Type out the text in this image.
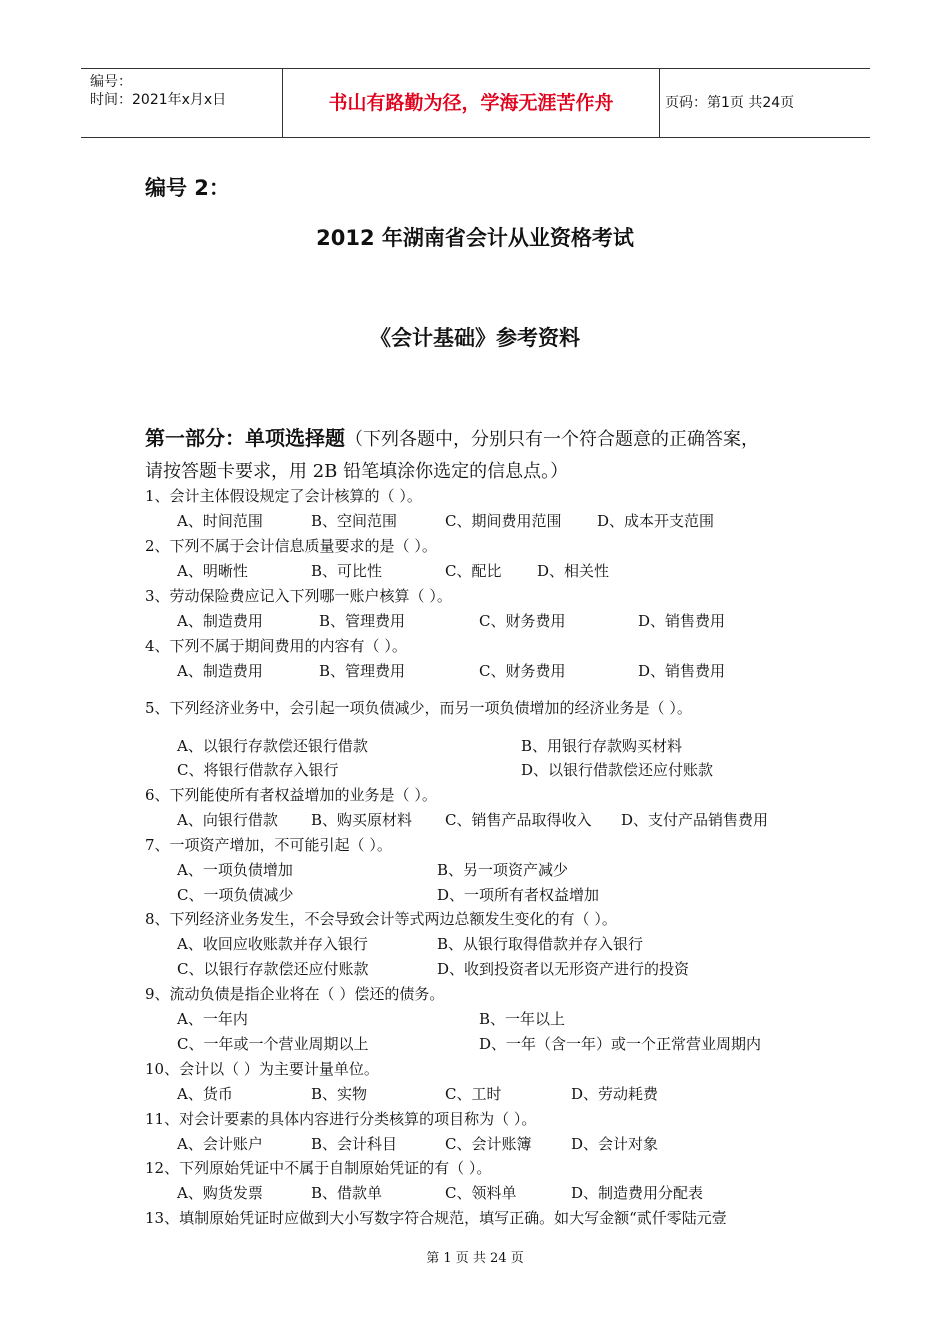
编号：
时间：2021年x月x日	书山有路勤为径，学海无涯苦作舟	页码：第1页 共24页
编号 2：
2012 年湖南省会计从业资格考试
《会计基础》参考资料
第一部分：单项选择题（下列各题中，分别只有一个符合题意的正确答案，
请按答题卡要求，用 2B 铅笔填涂你选定的信息点。）
1、会计主体假设规定了会计核算的（ ）。
A、时间范围	B、空间范围	C、期间费用范围 D、成本开支范围
2、下列不属于会计信息质量要求的是（ ）。
A、明晰性	B、可比性	C、配比 D、相关性
3、劳动保险费应记入下列哪一账户核算（ ）。
A、制造费用	B、管理费用	C、财务费用	D、销售费用
4、下列不属于期间费用的内容有（ ）。
A、制造费用	B、管理费用	C、财务费用	D、销售费用
5、下列经济业务中，会引起一项负债减少，而另一项负债增加的经济业务是（ ）。
A、以银行存款偿还银行借款	B、用银行存款购买材料
C、将银行借款存入银行	D、以银行借款偿还应付账款
6、下列能使所有者权益增加的业务是（ ）。
A、向银行借款 B、购买原材料 C、销售产品取得收入 D、支付产品销售费用
7、一项资产增加，不可能引起（ ）。
A、一项负债增加	B、另一项资产减少
C、一项负债减少	D、一项所有者权益增加
8、下列经济业务发生，不会导致会计等式两边总额发生变化的有（ ）。
A、收回应收账款并存入银行	B、从银行取得借款并存入银行
C、以银行存款偿还应付账款	D、收到投资者以无形资产进行的投资
9、流动负债是指企业将在（ ）偿还的债务。
A、一年内	B、一年以上
C、一年或一个营业周期以上	D、一年（含一年）或一个正常营业周期内
10、会计以（ ）为主要计量单位。
A、货币	B、实物	C、工时	D、劳动耗费
11、对会计要素的具体内容进行分类核算的项目称为（ ）。
A、会计账户	B、会计科目	C、会计账簿	D、会计对象
12、下列原始凭证中不属于自制原始凭证的有（ ）。
A、购货发票	B、借款单	C、领料单	D、制造费用分配表
13、填制原始凭证时应做到大小写数字符合规范，填写正确。如大写金额“贰仟零陆元壹
第 1 页 共 24 页
